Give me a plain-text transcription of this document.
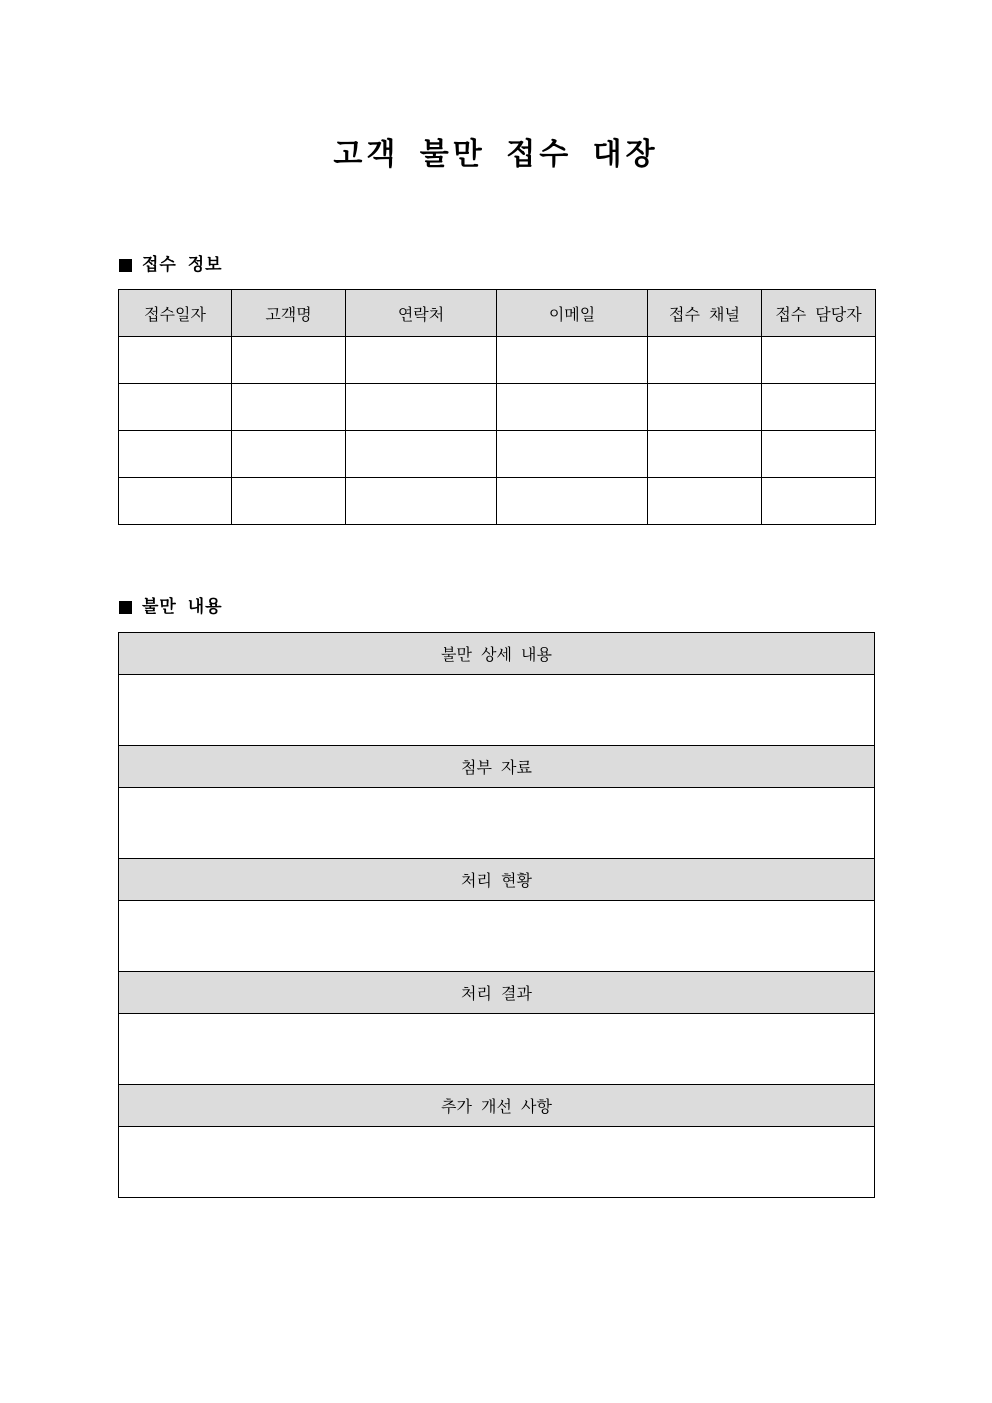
고객 불만 접수 대장
접수 정보
접수일자	고객명	연락처	이메일	접수 채널	접수 담당자

불만 내용
불만 상세 내용

첨부 자료

처리 현황

처리 결과

추가 개선 사항
